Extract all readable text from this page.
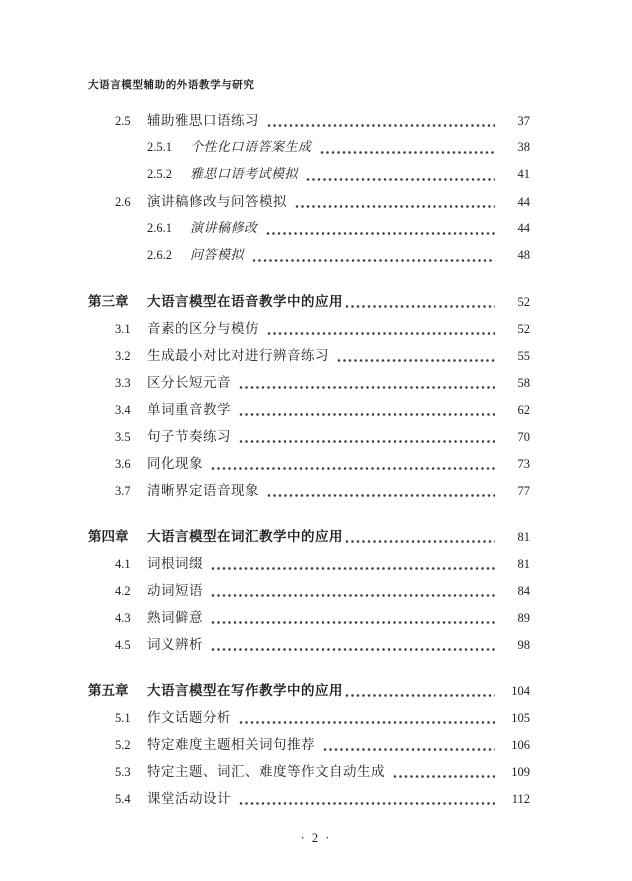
大语言模型辅助的外语教学与研究
2.5	辅助雅思口语练习	37
2.5.1	个性化口语答案生成	38
2.5.2	雅思口语考试模拟	41
2.6	演讲稿修改与问答模拟	44
2.6.1	演讲稿修改	44
2.6.2	问答模拟	48
第三章	大语言模型在语音教学中的应用	52
3.1	音素的区分与模仿	52
3.2	生成最小对比对进行辨音练习	55
3.3	区分长短元音	58
3.4	单词重音教学	62
3.5	句子节奏练习	70
3.6	同化现象	73
3.7	清晰界定语音现象	77
第四章	大语言模型在词汇教学中的应用	81
4.1	词根词缀	81
4.2	动词短语	84
4.3	熟词僻意	89
4.5	词义辨析	98
第五章	大语言模型在写作教学中的应用	104
5.1	作文话题分析	105
5.2	特定难度主题相关词句推荐	106
5.3	特定主题、词汇、难度等作文自动生成	109
5.4	课堂活动设计	112
· 2 ·
